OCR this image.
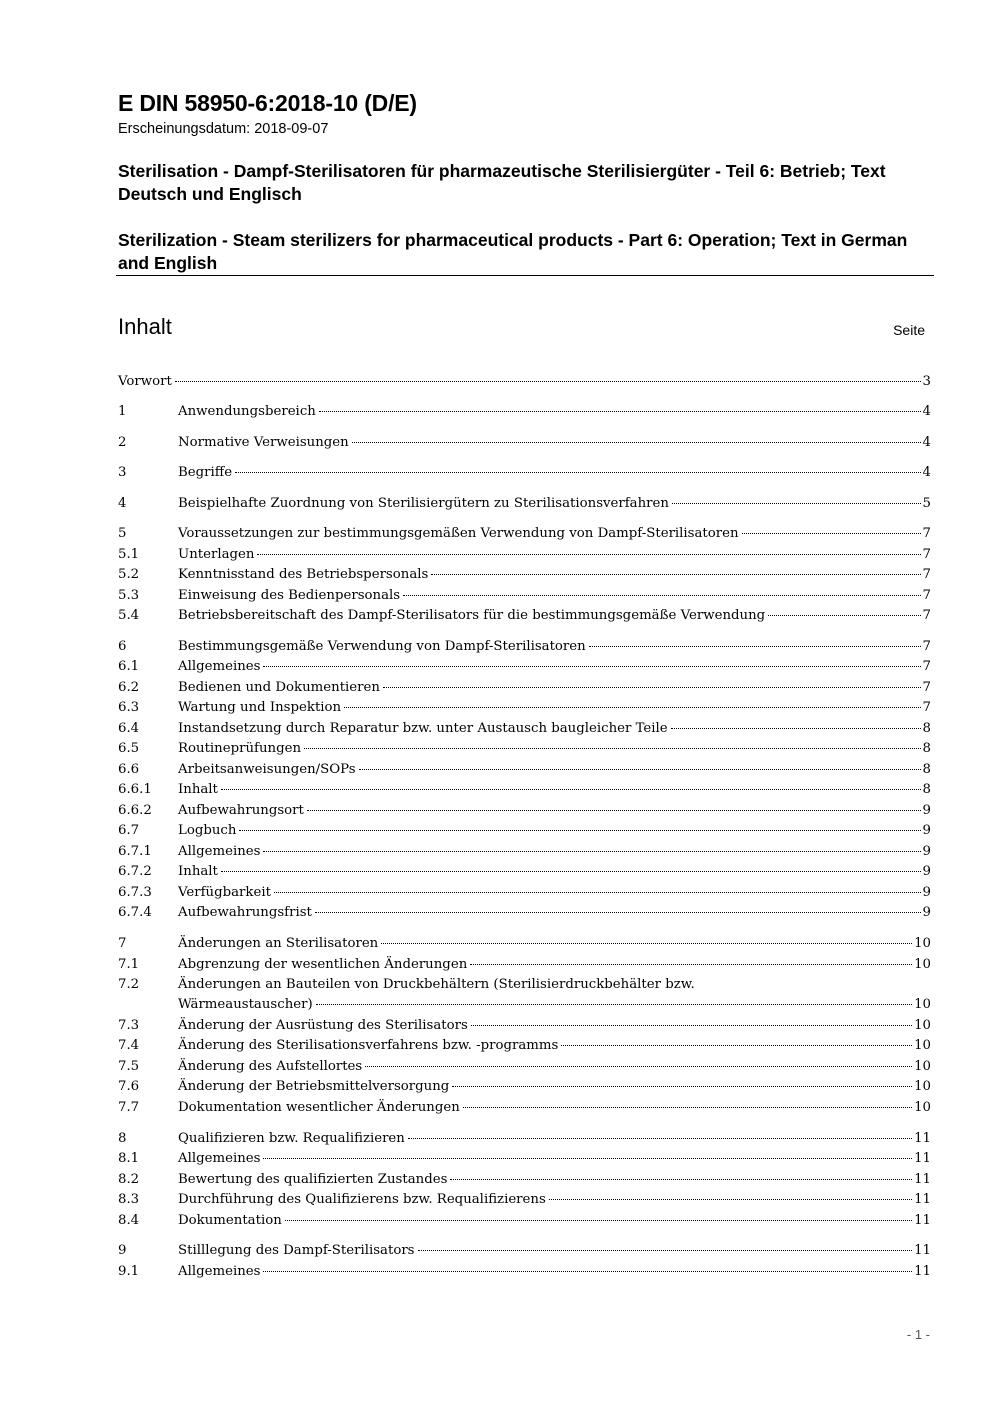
E DIN 58950-6:2018-10 (D/E)
Erscheinungsdatum: 2018-09-07
Sterilisation - Dampf-Sterilisatoren für pharmazeutische Sterilisiergüter - Teil 6: Betrieb; Text Deutsch und Englisch
Sterilization - Steam sterilizers for pharmaceutical products - Part 6: Operation; Text in German and English
Inhalt	Seite
Vorwort	3
1	Anwendungsbereich	4
2	Normative Verweisungen	4
3	Begriffe	4
4	Beispielhafte Zuordnung von Sterilisiergütern zu Sterilisationsverfahren	5
5	Voraussetzungen zur bestimmungsgemäßen Verwendung von Dampf-Sterilisatoren	7
5.1	Unterlagen	7
5.2	Kenntnisstand des Betriebspersonals	7
5.3	Einweisung des Bedienpersonals	7
5.4	Betriebsbereitschaft des Dampf-Sterilisators für die bestimmungsgemäße Verwendung	7
6	Bestimmungsgemäße Verwendung von Dampf-Sterilisatoren	7
6.1	Allgemeines	7
6.2	Bedienen und Dokumentieren	7
6.3	Wartung und Inspektion	7
6.4	Instandsetzung durch Reparatur bzw. unter Austausch baugleicher Teile	8
6.5	Routineprüfungen	8
6.6	Arbeitsanweisungen/SOPs	8
6.6.1	Inhalt	8
6.6.2	Aufbewahrungsort	9
6.7	Logbuch	9
6.7.1	Allgemeines	9
6.7.2	Inhalt	9
6.7.3	Verfügbarkeit	9
6.7.4	Aufbewahrungsfrist	9
7	Änderungen an Sterilisatoren	10
7.1	Abgrenzung der wesentlichen Änderungen	10
7.2	Änderungen an Bauteilen von Druckbehältern (Sterilisierdruckbehälter bzw.
Wärmeaustauscher)	10
7.3	Änderung der Ausrüstung des Sterilisators	10
7.4	Änderung des Sterilisationsverfahrens bzw. -programms	10
7.5	Änderung des Aufstellortes	10
7.6	Änderung der Betriebsmittelversorgung	10
7.7	Dokumentation wesentlicher Änderungen	10
8	Qualifizieren bzw. Requalifizieren	11
8.1	Allgemeines	11
8.2	Bewertung des qualifizierten Zustandes	11
8.3	Durchführung des Qualifizierens bzw. Requalifizierens	11
8.4	Dokumentation	11
9	Stilllegung des Dampf-Sterilisators	11
9.1	Allgemeines	11
- 1 -
